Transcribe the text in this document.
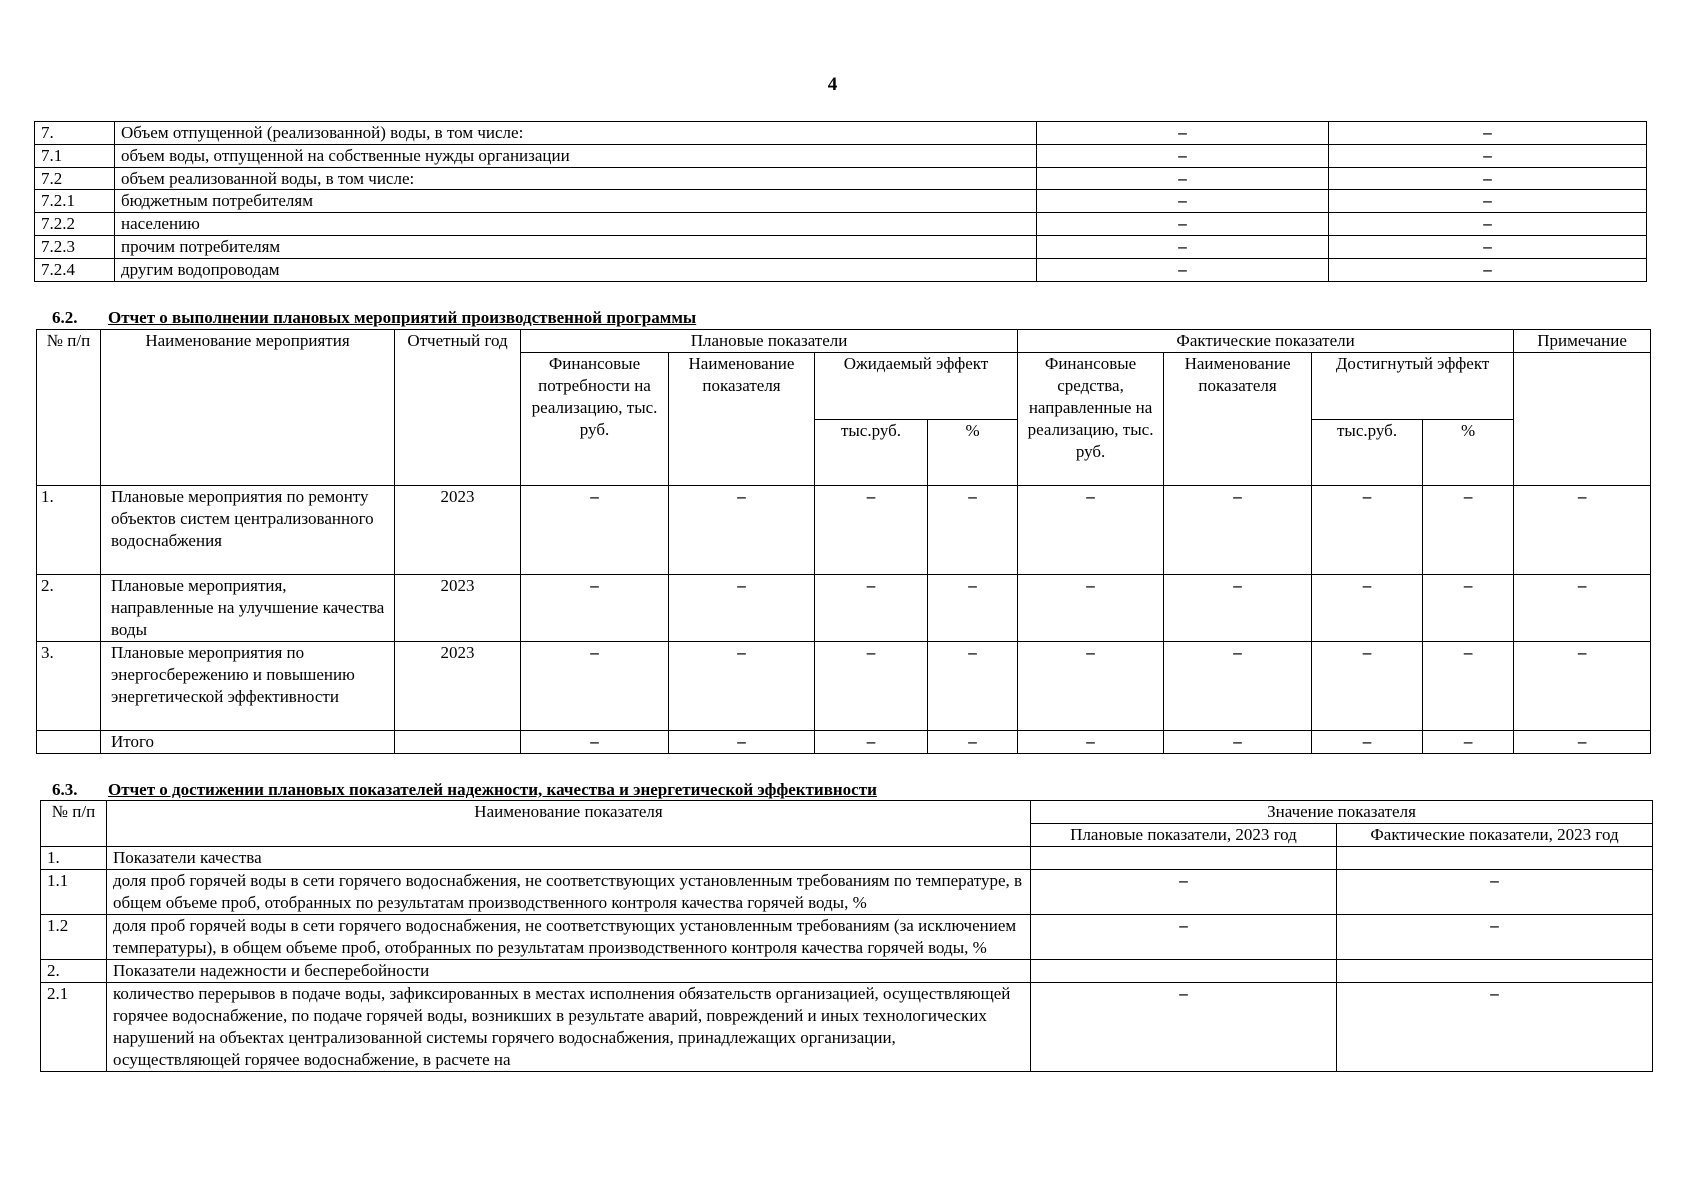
4
7.	Объем отпущенной (реализованной) воды, в том числе:	–	–
7.1	объем воды, отпущенной на собственные нужды организации	–	–
7.2	объем реализованной воды, в том числе:	–	–
7.2.1	бюджетным потребителям	–	–
7.2.2	населению	–	–
7.2.3	прочим потребителям	–	–
7.2.4	другим водопроводам	–	–
6.2. Отчет о выполнении плановых мероприятий производственной программы
№ п/п	Наименование мероприятия	Отчетный год	Плановые показатели				Фактические показатели				Примечание
			Финансовые потребности на реализацию, тыс. руб.	Наименование показателя	Ожидаемый эффект		Финансовые средства, направленные на реализацию, тыс. руб.	Наименование показателя	Достигнутый эффект		
					тыс.руб.	%			тыс.руб.	%	
1.	Плановые мероприятия по ремонту объектов систем централизованного водоснабжения	2023	–	–	–	–	–	–	–	–	–
2.	Плановые мероприятия, направленные на улучшение качества воды	2023	–	–	–	–	–	–	–	–	–
3.	Плановые мероприятия по энергосбережению и повышению энергетической эффективности	2023	–	–	–	–	–	–	–	–	–
	Итого		–	–	–	–	–	–	–	–	–
6.3. Отчет о достижении плановых показателей надежности, качества и энергетической эффективности
№ п/п	Наименование показателя	Значение показателя	
		Плановые показатели, 2023 год	Фактические показатели, 2023 год
1.	Показатели качества		
1.1	доля проб горячей воды в сети горячего водоснабжения, не соответствующих установленным требованиям по температуре, в общем объеме проб, отобранных по результатам производственного контроля качества горячей воды, %	–	–
1.2	доля проб горячей воды в сети горячего водоснабжения, не соответствующих установленным требованиям (за исключением температуры), в общем объеме проб, отобранных по результатам производственного контроля качества горячей воды, %	–	–
2.	Показатели надежности и бесперебойности		
2.1	количество перерывов в подаче воды, зафиксированных в местах исполнения обязательств организацией, осуществляющей горячее водоснабжение, по подаче горячей воды, возникших в результате аварий, повреждений и иных технологических нарушений на объектах централизованной системы горячего водоснабжения, принадлежащих организации, осуществляющей горячее водоснабжение, в расчете на	–	–
